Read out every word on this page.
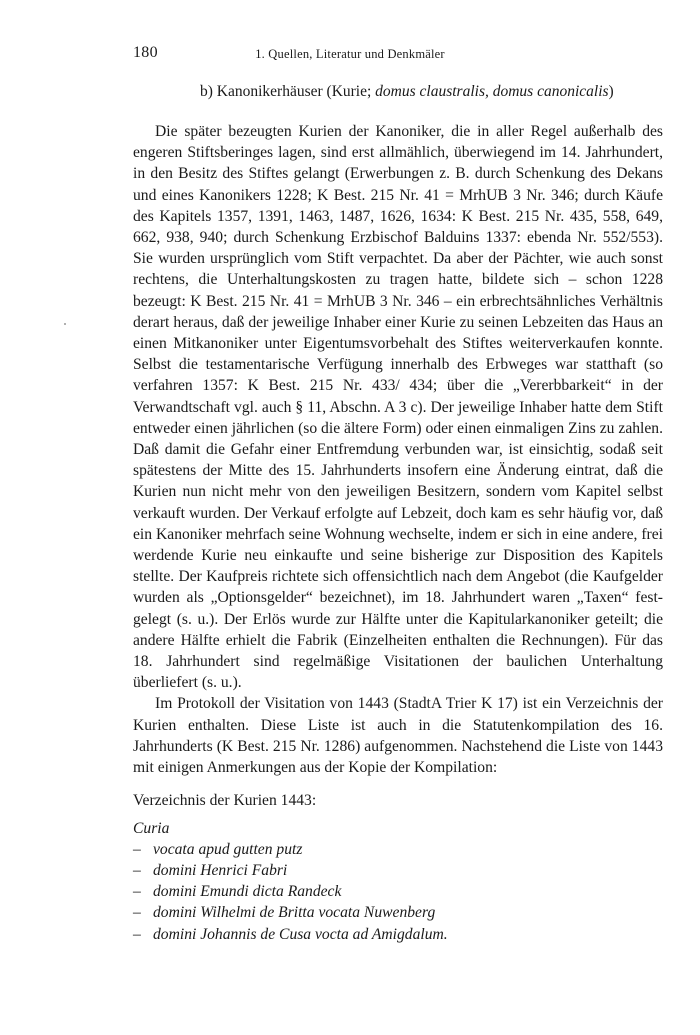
180	1. Quellen, Literatur und Denkmäler
b) Kanonikerhäuser (Kurie; domus claustralis, domus canonicalis)

Die später bezeugten Kurien der Kanoniker, die in aller Regel außerhalb des engeren Stiftsberinges lagen, sind erst allmählich, überwiegend im 14. Jahrhundert, in den Besitz des Stiftes gelangt (Erwerbungen z. B. durch Schenkung des Dekans und eines Kanonikers 1228; K Best. 215 Nr. 41 = MrhUB 3 Nr. 346; durch Käufe des Kapitels 1357, 1391, 1463, 1487, 1626, 1634: K Best. 215 Nr. 435, 558, 649, 662, 938, 940; durch Schenkung Erzbischof Balduins 1337: ebenda Nr. 552/553). Sie wurden ursprünglich vom Stift verpachtet. Da aber der Pächter, wie auch sonst rechtens, die Unterhaltungskosten zu tragen hatte, bildete sich – schon 1228 bezeugt: K Best. 215 Nr. 41 = MrhUB 3 Nr. 346 – ein erbrechtsähnliches Verhältnis derart heraus, daß der jeweilige Inhaber einer Kurie zu seinen Lebzeiten das Haus an einen Mitkanoniker unter Eigentumsvorbehalt des Stiftes weiterverkaufen konnte. Selbst die testamentarische Verfügung innerhalb des Erbweges war statthaft (so verfahren 1357: K Best. 215 Nr. 433/ 434; über die „Vererbbarkeit“ in der Verwandtschaft vgl. auch § 11, Abschn. A 3 c). Der jeweilige Inhaber hatte dem Stift entweder einen jährlichen (so die ältere Form) oder einen einmaligen Zins zu zahlen. Daß damit die Gefahr einer Entfremdung verbunden war, ist einsichtig, sodaß seit spätestens der Mitte des 15. Jahrhunderts insofern eine Änderung eintrat, daß die Kurien nun nicht mehr von den jeweiligen Besitzern, sondern vom Kapitel selbst verkauft wurden. Der Verkauf erfolgte auf Lebzeit, doch kam es sehr häufig vor, daß ein Kanoniker mehrfach seine Wohnung wechselte, indem er sich in eine andere, frei werdende Kurie neu einkaufte und seine bisherige zur Disposition des Kapitels stellte. Der Kaufpreis richtete sich offensichtlich nach dem Angebot (die Kaufgelder wurden als „Optionsgelder“ bezeichnet), im 18. Jahrhundert waren „Taxen“ festgelegt (s. u.). Der Erlös wurde zur Hälfte unter die Kapitularkanoniker geteilt; die andere Hälfte erhielt die Fabrik (Einzelheiten enthalten die Rechnungen). Für das 18. Jahrhundert sind regelmäßige Visitationen der baulichen Unterhaltung überliefert (s. u.).

Im Protokoll der Visitation von 1443 (StadtA Trier K 17) ist ein Verzeichnis der Kurien enthalten. Diese Liste ist auch in die Statutenkompilation des 16. Jahrhunderts (K Best. 215 Nr. 1286) aufgenommen. Nachstehend die Liste von 1443 mit einigen Anmerkungen aus der Kopie der Kompilation:

Verzeichnis der Kurien 1443:

Curia

– vocata apud gutten putz
– domini Henrici Fabri
– domini Emundi dicta Randeck
– domini Wilhelmi de Britta vocata Nuwenberg
– domini Johannis de Cusa vocta ad Amigdalum.
